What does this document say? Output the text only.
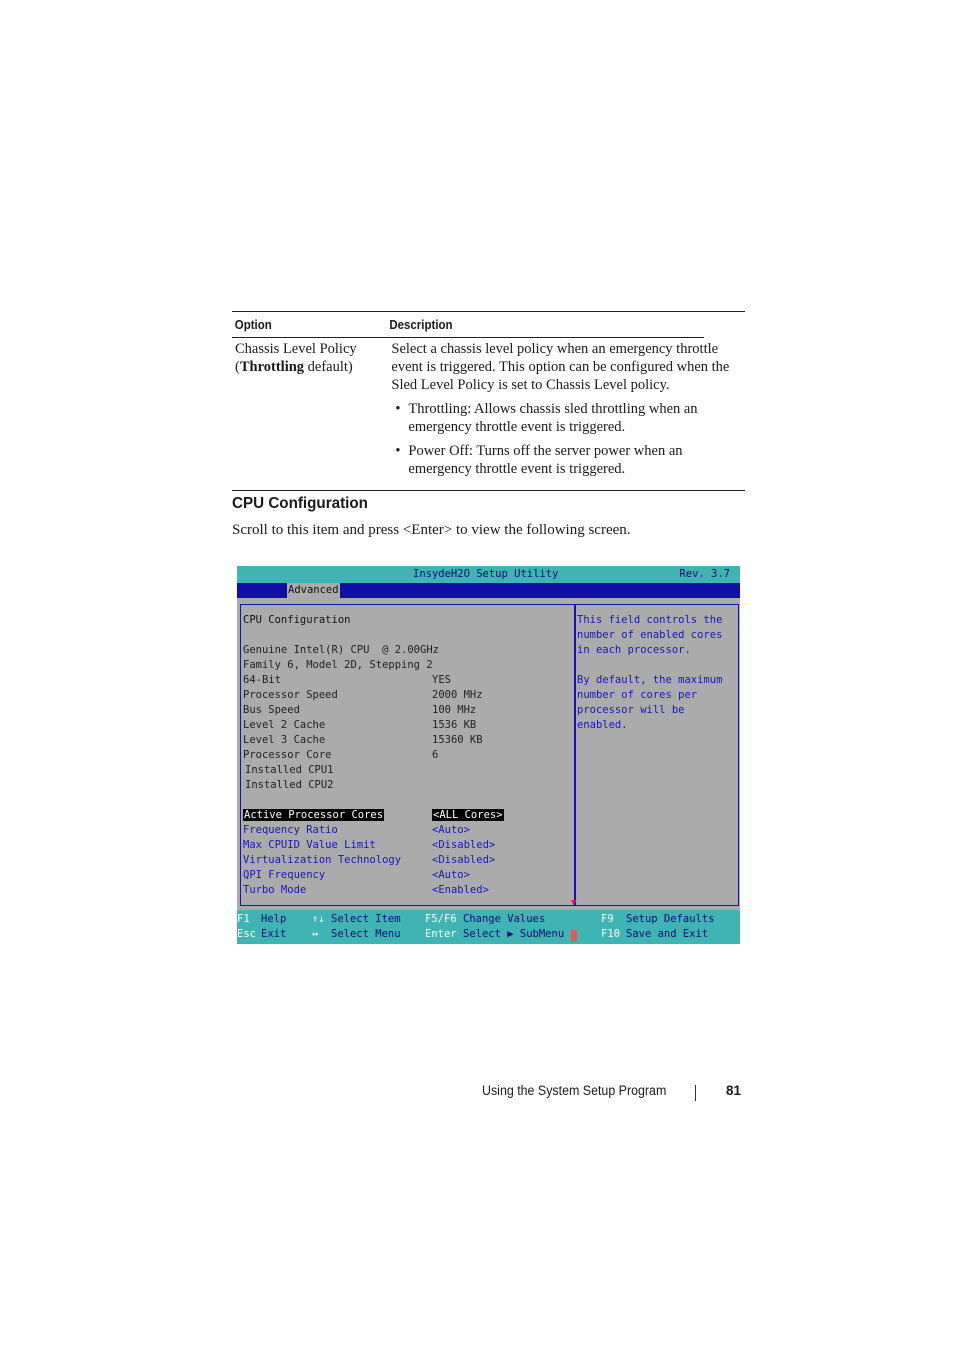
Option	Description
Chassis Level Policy
(Throttling default)

Select a chassis level policy when an emergency throttle event is triggered. This option can be configured when the Sled Level Policy is set to Chassis Level policy.

• Throttling: Allows chassis sled throttling when an emergency throttle event is triggered.
• Power Off: Turns off the server power when an emergency throttle event is triggered.
CPU Configuration

Scroll to this item and press <Enter> to view the following screen.

InsydeH2O Setup Utility	Rev. 3.7
Advanced
CPU Configuration
Genuine Intel(R) CPU  @ 2.00GHz
Family 6, Model 2D, Stepping 2
64-Bit	YES
Processor Speed	2000 MHz
Bus Speed	100 MHz
Level 2 Cache	1536 KB
Level 3 Cache	15360 KB
Processor Core	6
Installed CPU1
Installed CPU2
Active Processor Cores	<ALL Cores>
Frequency Ratio	<Auto>
Max CPUID Value Limit	<Disabled>
Virtualization Technology	<Disabled>
QPI Frequency	<Auto>
Turbo Mode	<Enabled>
This field controls the
number of enabled cores
in each processor.
By default, the maximum
number of cores per
processor will be
enabled.
▼
F1 Help ↑↓ Select Item F5/F6 Change Values	F9 Setup Defaults
Esc Exit ↔ Select Menu Enter Select ▶ SubMenu	F10 Save and Exit
Using the System Setup Program	81
